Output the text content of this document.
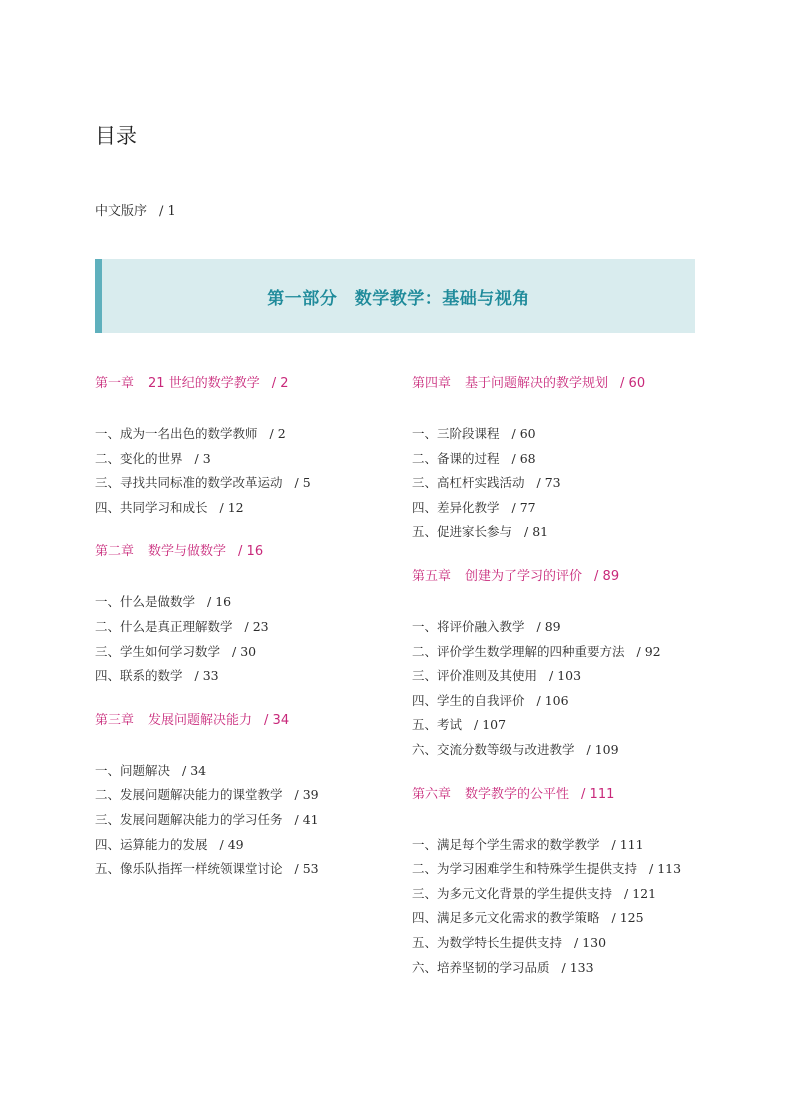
目录
中文版序 / 1
第一部分　数学教学：基础与视角
第一章 21 世纪的数学教学 / 2
一、成为一名出色的数学教师 / 2
二、变化的世界 / 3
三、寻找共同标准的数学改革运动 / 5
四、共同学习和成长 / 12
第二章 数学与做数学 / 16
一、什么是做数学 / 16
二、什么是真正理解数学 / 23
三、学生如何学习数学 / 30
四、联系的数学 / 33
第三章 发展问题解决能力 / 34
一、问题解决 / 34
二、发展问题解决能力的课堂教学 / 39
三、发展问题解决能力的学习任务 / 41
四、运算能力的发展 / 49
五、像乐队指挥一样统领课堂讨论 / 53
第四章 基于问题解决的教学规划 / 60
一、三阶段课程 / 60
二、备课的过程 / 68
三、高杠杆实践活动 / 73
四、差异化教学 / 77
五、促进家长参与 / 81
第五章 创建为了学习的评价 / 89
一、将评价融入教学 / 89
二、评价学生数学理解的四种重要方法 / 92
三、评价准则及其使用 / 103
四、学生的自我评价 / 106
五、考试 / 107
六、交流分数等级与改进教学 / 109
第六章 数学教学的公平性 / 111
一、满足每个学生需求的数学教学 / 111
二、为学习困难学生和特殊学生提供支持 / 113
三、为多元文化背景的学生提供支持 / 121
四、满足多元文化需求的教学策略 / 125
五、为数学特长生提供支持 / 130
六、培养坚韧的学习品质 / 133
